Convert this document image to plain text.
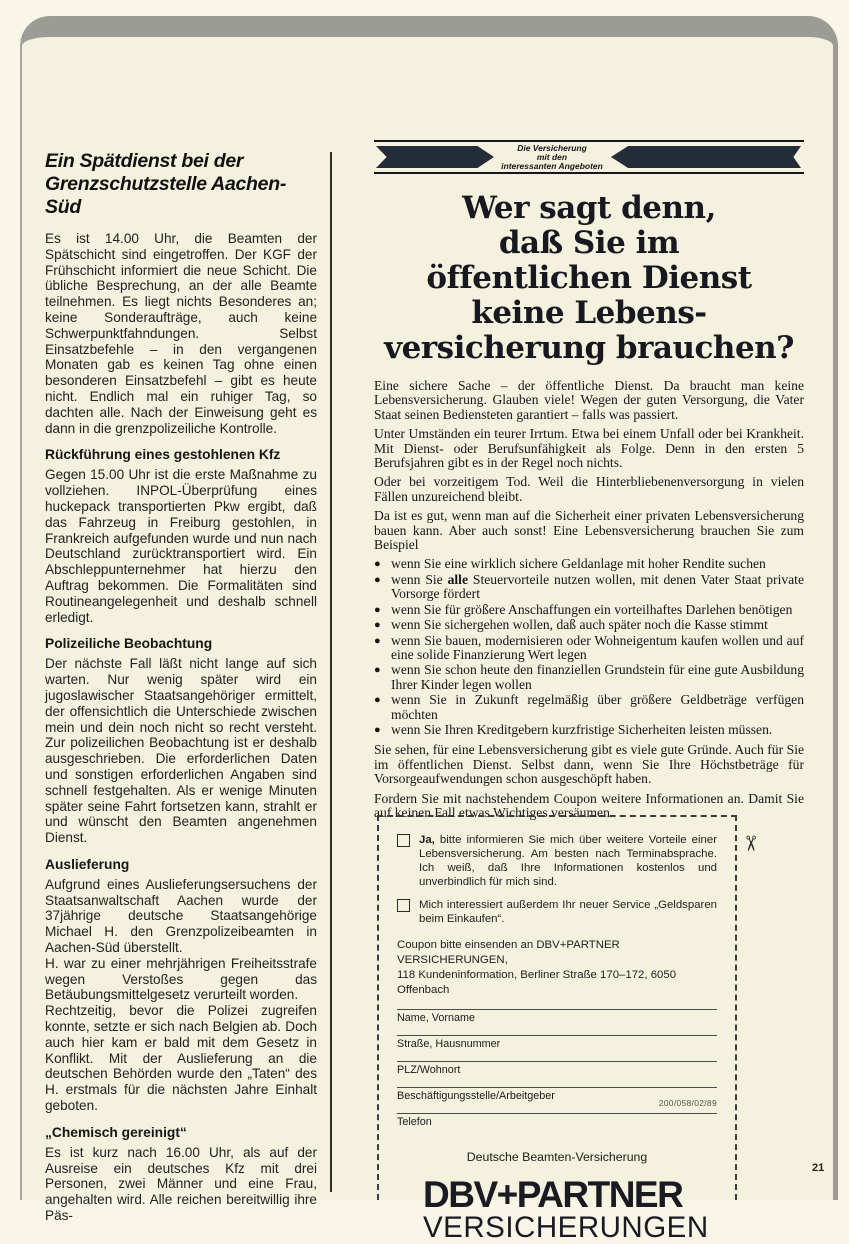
21
Ein Spätdienst bei der Grenzschutzstelle Aachen-Süd

Es ist 14.00 Uhr, die Beamten der Spätschicht sind eingetroffen. Der KGF der Frühschicht informiert die neue Schicht. Die übliche Besprechung, an der alle Beamte teilnehmen. Es liegt nichts Besonderes an; keine Sonderaufträge, auch keine Schwerpunktfahndungen. Selbst Einsatzbefehle – in den vergangenen Monaten gab es keinen Tag ohne einen besonderen Einsatzbefehl – gibt es heute nicht. Endlich mal ein ruhiger Tag, so dachten alle. Nach der Einweisung geht es dann in die grenzpolizeiliche Kontrolle.

Rückführung eines gestohlenen Kfz

Gegen 15.00 Uhr ist die erste Maßnahme zu vollziehen. INPOL-Überprüfung eines huckepack transportierten Pkw ergibt, daß das Fahrzeug in Freiburg gestohlen, in Frankreich aufgefunden wurde und nun nach Deutschland zurücktransportiert wird. Ein Abschleppunternehmer hat hierzu den Auftrag bekommen. Die Formalitäten sind Routineangelegenheit und deshalb schnell erledigt.

Polizeiliche Beobachtung

Der nächste Fall läßt nicht lange auf sich warten. Nur wenig später wird ein jugoslawischer Staatsangehöriger ermittelt, der offensichtlich die Unterschiede zwischen mein und dein noch nicht so recht versteht. Zur polizeilichen Beobachtung ist er deshalb ausgeschrieben. Die erforderlichen Daten und sonstigen erforderlichen Angaben sind schnell festgehalten. Als er wenige Minuten später seine Fahrt fortsetzen kann, strahlt er und wünscht den Beamten angenehmen Dienst.

Auslieferung

Aufgrund eines Auslieferungsersuchens der Staatsanwaltschaft Aachen wurde der 37jährige deutsche Staatsangehörige Michael H. den Grenzpolizeibeamten in Aachen-Süd überstellt.

H. war zu einer mehrjährigen Freiheitsstrafe wegen Verstoßes gegen das Betäubungsmittelgesetz verurteilt worden.

Rechtzeitig, bevor die Polizei zugreifen konnte, setzte er sich nach Belgien ab. Doch auch hier kam er bald mit dem Gesetz in Konflikt. Mit der Auslieferung an die deutschen Behörden wurde den „Taten“ des H. erstmals für die nächsten Jahre Einhalt geboten.

„Chemisch gereinigt“

Es ist kurz nach 16.00 Uhr, als auf der Ausreise ein deutsches Kfz mit drei Personen, zwei Männer und eine Frau, angehalten wird. Alle reichen bereitwillig ihre Päs-

Die Versicherung
mit den
interessanten Angeboten
Wer sagt denn,
daß Sie im
öffentlichen Dienst
keine Lebens-
versicherung brauchen?

Eine sichere Sache – der öffentliche Dienst. Da braucht man keine Lebensversicherung. Glauben viele! Wegen der guten Versorgung, die Vater Staat seinen Bediensteten garantiert – falls was passiert.

Unter Umständen ein teurer Irrtum. Etwa bei einem Unfall oder bei Krankheit. Mit Dienst- oder Berufsunfähigkeit als Folge. Denn in den ersten 5 Berufsjahren gibt es in der Regel noch nichts.

Oder bei vorzeitigem Tod. Weil die Hinterbliebenenversorgung in vielen Fällen unzureichend bleibt.

Da ist es gut, wenn man auf die Sicherheit einer privaten Lebensversicherung bauen kann. Aber auch sonst! Eine Lebensversicherung brauchen Sie zum Beispiel

● wenn Sie eine wirklich sichere Geldanlage mit hoher Rendite suchen
● wenn Sie alle Steuervorteile nutzen wollen, mit denen Vater Staat private Vorsorge fördert
● wenn Sie für größere Anschaffungen ein vorteilhaftes Darlehen benötigen
● wenn Sie sichergehen wollen, daß auch später noch die Kasse stimmt
● wenn Sie bauen, modernisieren oder Wohneigentum kaufen wollen und auf eine solide Finanzierung Wert legen
● wenn Sie schon heute den finanziellen Grundstein für eine gute Ausbildung Ihrer Kinder legen wollen
● wenn Sie in Zukunft regelmäßig über größere Geldbeträge verfügen möchten
● wenn Sie Ihren Kreditgebern kurzfristige Sicherheiten leisten müssen.

Sie sehen, für eine Lebensversicherung gibt es viele gute Gründe. Auch für Sie im öffentlichen Dienst. Selbst dann, wenn Sie Ihre Höchstbeträge für Vorsorgeaufwendungen schon ausgeschöpft haben.

Fordern Sie mit nachstehendem Coupon weitere Informationen an. Damit Sie auf keinen Fall etwas Wichtiges versäumen.

Ja, bitte informieren Sie mich über weitere Vorteile einer Lebensversicherung. Am besten nach Terminabsprache. Ich weiß, daß Ihre Informationen kostenlos und unverbindlich für mich sind.
Mich interessiert außerdem Ihr neuer Service „Geldsparen beim Einkaufen“.
Coupon bitte einsenden an DBV+PARTNER VERSICHERUNGEN,
118 Kundeninformation, Berliner Straße 170–172, 6050 Offenbach
Name, Vorname
Straße, Hausnummer
PLZ/Wohnort
Beschäftigungsstelle/Arbeitgeber
200/058/02/89
Telefon
Deutsche Beamten-Versicherung
DBV+PARTNER
VERSICHERUNGEN
✂
